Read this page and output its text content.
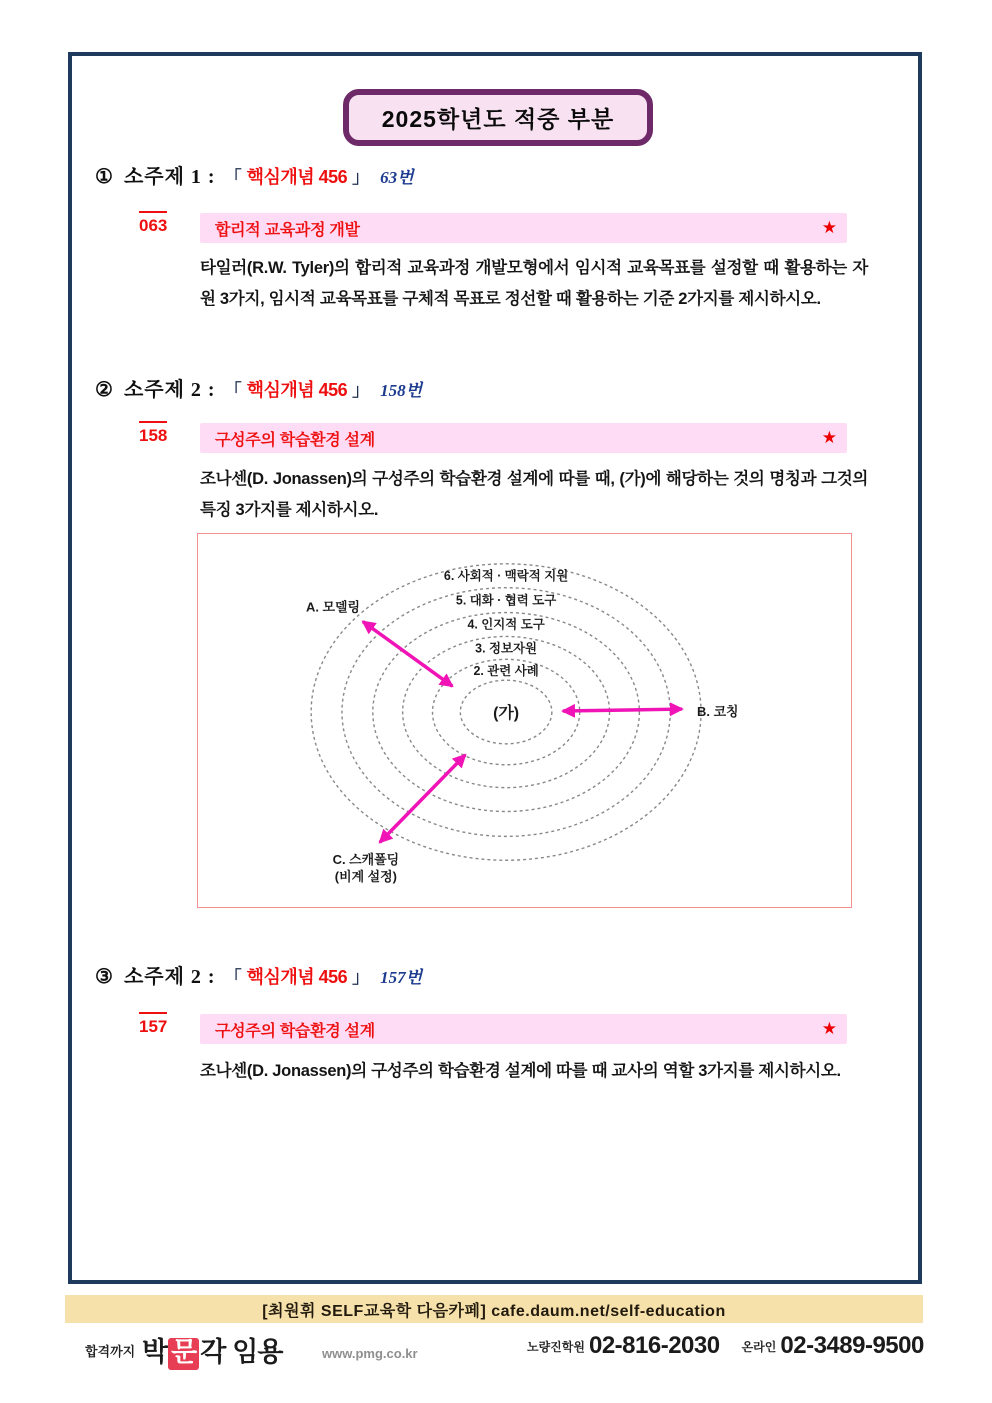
2025학년도 적중 부분
① 소주제 1 : 「 핵심개념 456 」 63번
063	합리적 교육과정 개발	★

타일러(R.W. Tyler)의 합리적 교육과정 개발모형에서 임시적 교육목표를 설정할 때 활용하는 자원 3가지, 임시적 교육목표를 구체적 목표로 정선할 때 활용하는 기준 2가지를 제시하시오.

② 소주제 2 : 「 핵심개념 456 」 158번
158	구성주의 학습환경 설계	★

조나센(D. Jonassen)의 구성주의 학습환경 설계에 따를 때, (가)에 해당하는 것의 명칭과 그것의 특징 3가지를 제시하시오.

6. 사회적 · 맥락적 지원
5. 대화 · 협력 도구
4. 인지적 도구
3. 정보자원
2. 관련 사례
(가)
A. 모델링
B. 코칭
C. 스캐폴딩
(비계 설정)
③ 소주제 2 : 「 핵심개념 456 」 157번
157	구성주의 학습환경 설계	★

조나센(D. Jonassen)의 구성주의 학습환경 설계에 따를 때 교사의 역할 3가지를 제시하시오.

[최원휘 SELF교육학 다음카페] cafe.daum.net/self-education
합격까지 박 문 각 임용	www.pmg.co.kr	노량진학원 02-816-2030 온라인 02-3489-9500
